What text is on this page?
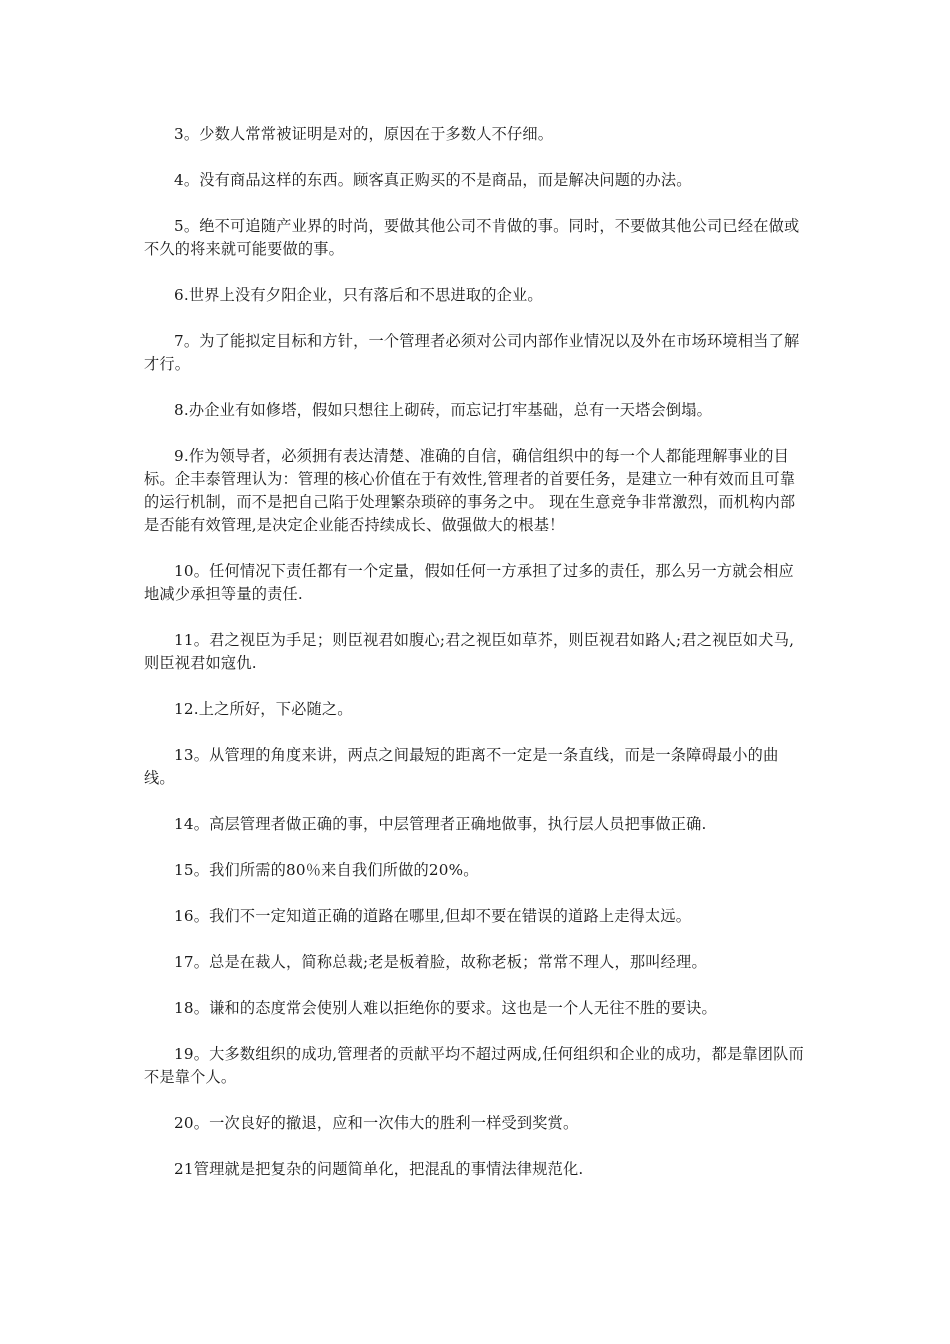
3。少数人常常被证明是对的，原因在于多数人不仔细。

4。没有商品这样的东西。顾客真正购买的不是商品，而是解决问题的办法。

5。绝不可追随产业界的时尚，要做其他公司不肯做的事。同时，不要做其他公司已经在做或不久的将来就可能要做的事。

6.世界上没有夕阳企业，只有落后和不思进取的企业。

7。为了能拟定目标和方针，一个管理者必须对公司内部作业情况以及外在市场环境相当了解才行。

8.办企业有如修塔，假如只想往上砌砖，而忘记打牢基础，总有一天塔会倒塌。

9.作为领导者，必须拥有表达清楚、准确的自信，确信组织中的每一个人都能理解事业的目标。企丰泰管理认为：管理的核心价值在于有效性,管理者的首要任务，是建立一种有效而且可靠的运行机制，而不是把自己陷于处理繁杂琐碎的事务之中。 现在生意竞争非常激烈，而机构内部是否能有效管理,是决定企业能否持续成长、做强做大的根基！

10。任何情况下责任都有一个定量，假如任何一方承担了过多的责任，那么另一方就会相应地减少承担等量的责任.

11。君之视臣为手足；则臣视君如腹心;君之视臣如草芥，则臣视君如路人;君之视臣如犬马,则臣视君如寇仇.

12.上之所好，下必随之。

13。从管理的角度来讲，两点之间最短的距离不一定是一条直线，而是一条障碍最小的曲线。

14。高层管理者做正确的事，中层管理者正确地做事，执行层人员把事做正确.

15。我们所需的80％来自我们所做的20%。

16。我们不一定知道正确的道路在哪里,但却不要在错误的道路上走得太远。

17。总是在裁人，简称总裁;老是板着脸，故称老板；常常不理人，那叫经理。

18。谦和的态度常会使别人难以拒绝你的要求。这也是一个人无往不胜的要诀。

19。大多数组织的成功,管理者的贡献平均不超过两成,任何组织和企业的成功，都是靠团队而不是靠个人。

20。一次良好的撤退，应和一次伟大的胜利一样受到奖赏。

21管理就是把复杂的问题简单化，把混乱的事情法律规范化.
